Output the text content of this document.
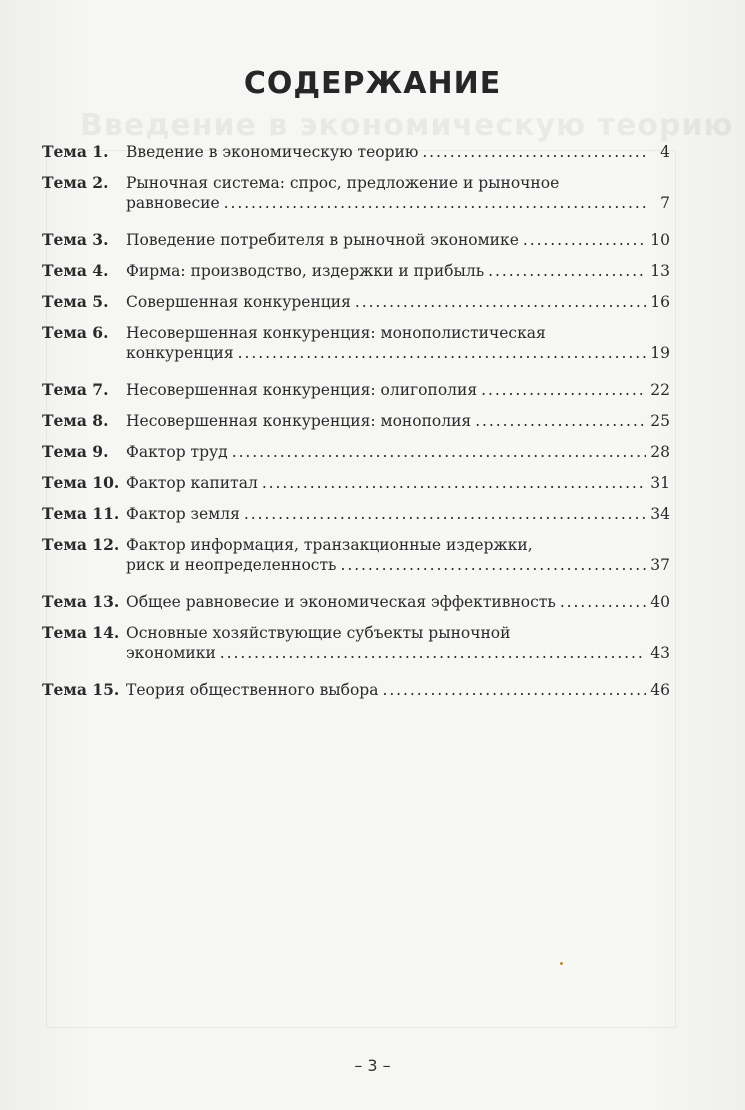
Введение в экономическую теорию
СОДЕРЖАНИЕ
Тема 1.	Введение в экономическую теорию . . .	4
Тема 2.	Рыночная система: спрос, предложение и рыночное
равновесие . . .	7
Тема 3.	Поведение потребителя в рыночной экономике . . .	10
Тема 4.	Фирма: производство, издержки и прибыль . . .	13
Тема 5.	Совершенная конкуренция . . .	16
Тема 6.	Несовершенная конкуренция: монополистическая
конкуренция . . .	19
Тема 7.	Несовершенная конкуренция: олигополия . . .	22
Тема 8.	Несовершенная конкуренция: монополия . . .	25
Тема 9.	Фактор труд . . .	28
Тема 10. Фактор капитал . . .	31
Тема 11. Фактор земля . . .	34
Тема 12. Фактор информация, транзакционные издержки,
риск и неопределенность . . .	37
Тема 13. Общее равновесие и экономическая эффективность . . .	40
Тема 14. Основные хозяйствующие субъекты рыночной
экономики . . .	43
Тема 15. Теория общественного выбора . . .	46
– 3 –
